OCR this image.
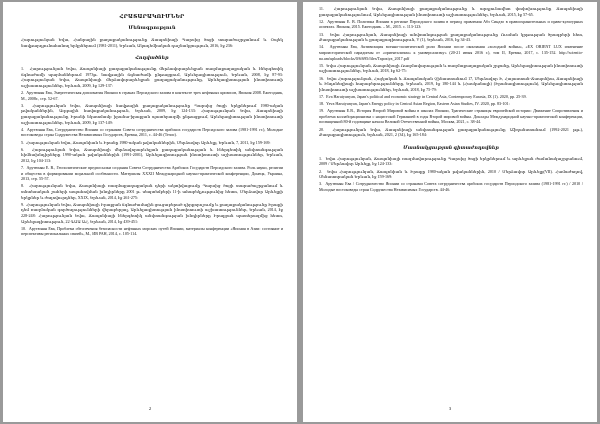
ՀՐԱՏԱՐԱԿՈՒՄՆԵՐ
Մենագրություն
Հարությունյան Եվա, Հանրային քաղաքականությունը Ճապոնիայի Պարսից ծոցի տարածաշրջանում և Օպեկ նավթարդյունահանող երկրներում (1981-2011), Երևան, Ակադեմիական դաշնակցություն, 2016, էջ 236:
Հոդվածներ
1. Հարությունյան Եվա, Ճապոնիայի քաղաքականությունը մերձավորարևելյան ռազմաքաղաքական և էներգետիկ ճգնաժամի պայմաններում 1973թ. նավթային ճգնաժամի ընթացքում, Արևելագիտություն, Երևան, 2008, էջ 87-93: Հարությունյան Եվա, Ճապոնիայի մերձավորարևելյան քաղաքականությունը, Արևելագիտության ինստիտուտի աշխատություններ, Երևան, 2009, էջ 129-137:
2. Арутюнян Ева, Энергетическая дипломатия Японии в странах Персидского залива в контексте трех нефтяных кризисов, Япония 2008. Ежегодник, М., 2008г., стр. 52-67.
3. Հարությունյան Եվա, Ճապոնիայի նավթային քաղաքականությունը Պարսից ծոցի երկրներում 1980-ական թվականներին, Ազգային հավաքականություն, Երևան, 2009, էջ 124-133: Հարությունյան Եվա, Ճապոնիայի քաղաքականությունը Իրանի նկատմամբ իրանա-իրաքյան պատերազմի ընթացքում, Արևելագիտության ինստիտուտի աշխատություններ, Երևան, 2009, էջ 137-149:
4. Арутюнян Ева, Сотрудничество Японии со странами Совета сотрудничества арабских государств Персидского залива (1981-1991 гг.), Молодые востоковеды стран Содружества Независимых Государств, Ереван, 2011, с. 44-46 (Тезис).
5. Հարությունյան Եվա, Ճապոնիան և Իրանը 1980-ական թվականներին, Մերձավոր Արևելք, Երևան, 7, 2011, էջ 159-169:
6. Հարությունյան Եվա, Ճապոնիայի մերձավորարևելյան քաղաքականության և էներգետիկ անվտանգության հիմնախնդիրները 1990-ական թվականներին (1991-2001), Արևելագիտության ինստիտուտի աշխատություններ, Երևան, 2012, էջ 104-113:
7. Арутюнян Е. В., Геополитические предпосылки создания Совета Сотрудничества Арабских Государств Персидского залива. Роль науки, религии и общества в формировании моральной особенности. Материалы XXXII Международной научно-практической конференции, Донецк, Украина, 2013, стр. 55-57.
8. Հարությունյան Եվա, Ճապոնիայի ռազմաքաղաքական դերի ակտիվացումը Պարսից ծոցի տարածաշրջանում և տնտեսական շահերի ապահովման խնդիրները 2001 թ. սեպտեմբերի 11-ի ահաբեկչությունից հետո, Մերձավոր Արևելքի երկրներ և ժողովուրդներ, XXIX, Երևան, 2014, էջ 261-275:
9. Հարությունյան Եվա, Ճապոնիայի Իրաքյան ճգնաժամային ցուցաբերած դիրքորոշումը և քաղաքականությունը Իրաքի դեմ ռազմական գործողությունների վերաբերյալ, Արևելագիտության ինստիտուտի աշխատություններ, Երևան, 2014, էջ 228-248: Հարությունյան Եվա, Ճապոնիայի էներգետիկ անվտանգության խնդիրները Իրաքյան պատերազմից հետո, Արևելագիտություն, 22 ԳԱԱ ԱՀ, Երևան, 2014, էջ 439-451:
10. Арутюнян Ева, Проблема обеспечения безопасности нефтяных морских путей Японии, материалы конференции «Япония в Азии: состояние и перспективы региональных связей», М., ИВ РАН, 2014, с. 105-114.
2
11. Հարությունյան Եվա, Ճապոնիայի քաղաքականությունը և արդյունավետ փոփոխությունը Ճապոնիայի քաղաքականությունում, Արևելագիտության ինստիտուտի աշխատություններ, Երևան, 2015, էջ 57-65.
12. Арутюнян Е. В. Политика Японии в регионе Персидского залива в период правления Абэ Синдзо в правоохранительных и право-культурных аспектах. Япония, 2015. Ежегодник. – М., 2015. с. 113-123:
13. Եվա Հարությունյան, Ճապոնիայի անվտանգության քաղաքականությունը Ուսման կրթության ծրագրերի հետ, Քաղաքականության և քաղաքագիտություն, V (1), Երևան, 2016, էջ 34-43.
14. Арутюнян Ева, Активизация военно-политической роли Японии после окончания «холодной войны», «EX ORIENT LUX изменение мироисторической парадигмы от «ориентализма» к универсализму» (20-21 июня 2016 г.), том II, Ереван, 2017, с. 135-152. http://scientio-na.am/uploads/blocks/0/6/695/files/Tapoziya_2017.pdf
15. Եվա Հարությունյան, Ճապոնիայի Ռազմավարության և ռազմաքաղաքական շրջանը, Արևելագիտության ինստիտուտի աշխատություններ, Երևան, 2018, էջ 62-75:
16. Եվա Հարությունյան, Հայկական և Ճապոնական Չինաստանում 17, Մերձավոր Ի, Հայաստան-Ճապոնիա, Ճապոնիայի և Ինդոնեզիայի հարաբերությունները, Երևան, 2019, էջ 180-144 և (Հասկանալի) (Իրանագիտություն), Արևելագիտության ինստիտուտի աշխատություններ, Երևան, 2018, էջ 75-79:
17. Eva Harutyunyan, Japan's political and economic strategy in Central Asia, Contemporary Eurasia, IX (1). 2020, pp. 25-39.
18. Yeva Harutyunyan, Japan's Energy policy in Central Asian Region, Eastern Asian Studies, IV. 2020, pp. 83-101:
19. Арутюнян Е.В., История Второй Мировой войны в школах Японии, Трагические страницы европейской истории: Движение Сопротивления и проблема коллаборационизма с нацистской Германией в годы Второй мировой войны. Доклады Международной научно-практической конференции, посвященной 80-й годовщине начала Великой Отечественной войны, Москва, 2021, с. 38-44.
20. Հարությունյան Եվա, Ճապոնիայի անվտանգության քաղաքականությունը Աֆղանստանում (1992-2021 թթ.), Քաղաքագիտություն, Երևան, 2021, 2 (34), էջ 165-184:
Մասնակցության գիտաժողովներ
1. Եվա Հարությունյան, Ճապոնիայի ռազմավարությունը Պարսից ծոցի երկրներում և արևելյան ժամանակաշրջանում, 2009 / Մերձավոր Արևելք, էջ 124-133:
2. Եվա Հարությունյան, Ճապոնիան և Իրաքը 1980-ական թվականներին, 2010 / Մերձավոր Արևելք(VII). Համաժողով, Սենատորական Երևան, էջ 159-169:
3. Арутюнян Ева / Сотрудничество Японии со странами Совета сотрудничества арабских государств Персидского залива (1981-1991 гг.) / 2010 / Молодые востоковеды стран Содружества Независимых Государств. 44-46.
3
